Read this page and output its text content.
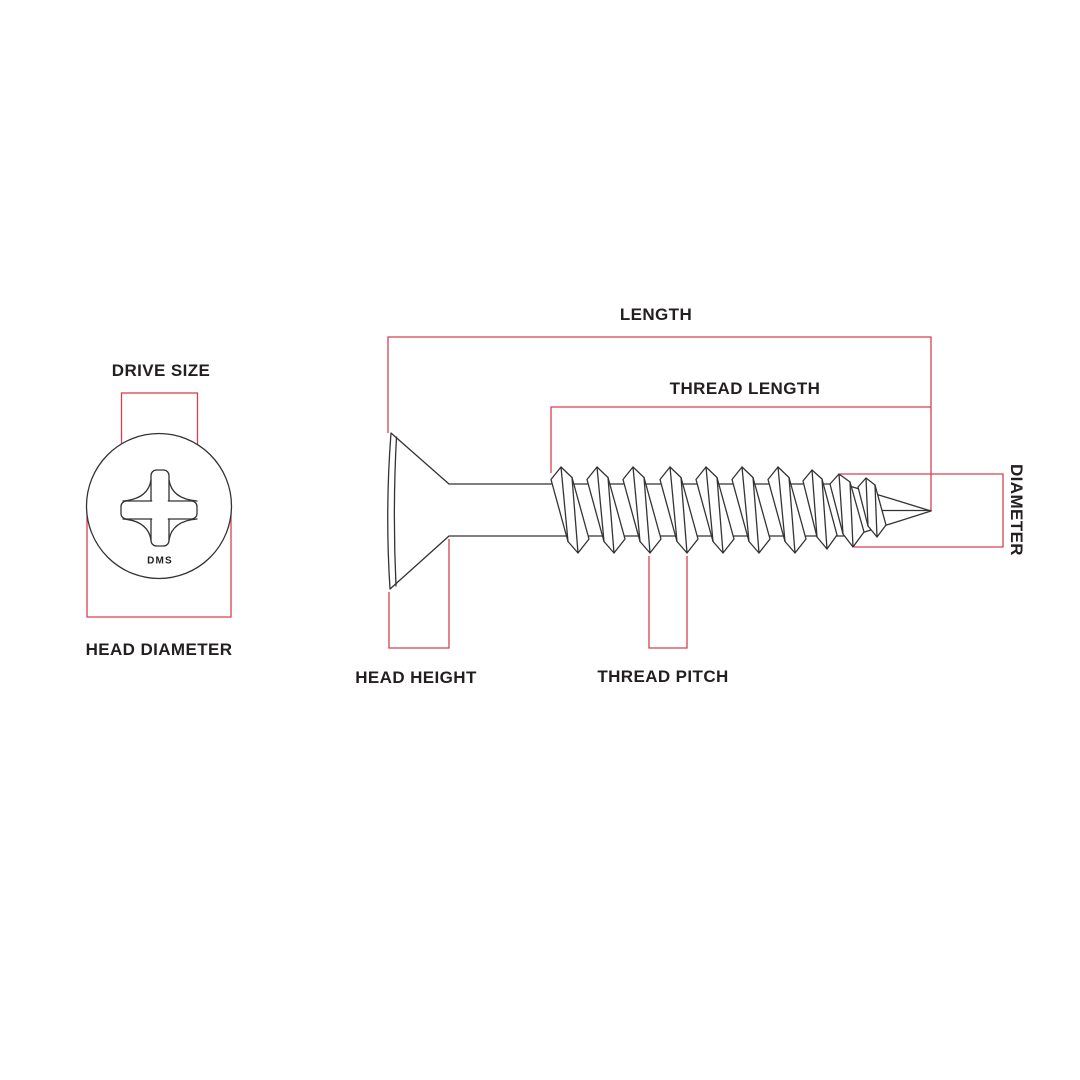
DRIVE SIZE
HEAD DIAMETER
LENGTH
THREAD LENGTH
DIAMETER
HEAD HEIGHT	THREAD PITCH
DMS
